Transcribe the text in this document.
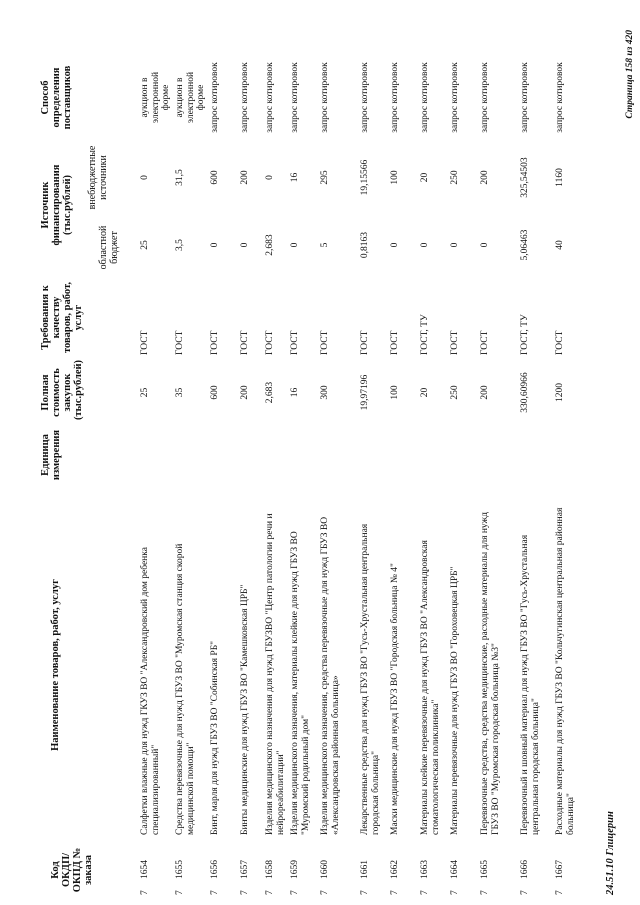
Код ОКДП/ ОКПД № заказа
Наименование товаров, работ, услуг
Единица измерения
Полная стоимость закупок (тыс.рублей)
Требования к качеству товаров, работ, услуг
Источник финансирования (тыс.рублей)
областной бюджет
внебюджетные источники
Способ определения поставщиков
7
Салфетки влажные для нужд ГКУЗ ВО "Александровский дом ребенка специализированный"
25
ГОСТ
25
0
аукцион в электронной форме
1654
7
Средства перевязочные для нужд ГБУЗ ВО "Муромская станция скорой медицинской помощи"
35
ГОСТ
3,5
31,5
аукцион в электронной форме
1655
7
Бинт, марля для нужд ГБУЗ ВО "Собинская РБ"
600
ГОСТ
0
600
запрос котировок
1656
7
Бинты медицинские для нужд ГБУЗ ВО "Камешковская ЦРБ"
200
ГОСТ
0
200
запрос котировок
1657
7
Изделия медицинского назначения для нужд ГБУЗВО "Центр патологии речи и нейрореабилитации"
2,683
ГОСТ
2,683
0
запрос котировок
1658
7
Изделия медицинского назначения, материалы клейкие для нужд ГБУЗ ВО "Муромский родильный дом"
16
ГОСТ
0
16
запрос котировок
1659
7
Изделия медицинского назначения, средства перевязочные для нужд ГБУЗ ВО «Александровская районная больница»
300
ГОСТ
5
295
запрос котировок
1660
7
Лекарственные средства для нужд ГБУЗ ВО "Гусь-Хрустальная центральная городская больница"
19,97196
ГОСТ
0,8163
19,15566
запрос котировок
1661
7
Маски медицинские для нужд ГБУЗ ВО "Городская больница № 4"
100
ГОСТ
0
100
запрос котировок
1662
7
Материалы клейкие перевязочные для нужд ГБУЗ ВО "Александровская стоматологическая поликлиника"
20
ГОСТ, ТУ
0
20
запрос котировок
1663
7
Материалы перевязочные для нужд ГБУЗ ВО "Гороховецкая ЦРБ"
250
ГОСТ
0
250
запрос котировок
1664
7
Перевязочные средства, средства медицинские, расходные материалы для нужд ГБУЗ ВО "Муромская городская больница №3"
200
ГОСТ
0
200
запрос котировок
1665
7
Перевязочный и шовный материал для нужд ГБУЗ ВО "Гусь-Хрустальная центральная городская больница"
330,60966
ГОСТ, ТУ
5,06463
325,54503
запрос котировок
1666
7
Расходные материалы для нужд ГБУЗ ВО "Кольчугинская центральная районная больница"
1200
ГОСТ
40
1160
запрос котировок
1667	24.51.10 Глицерин
Страница 158 из 420
